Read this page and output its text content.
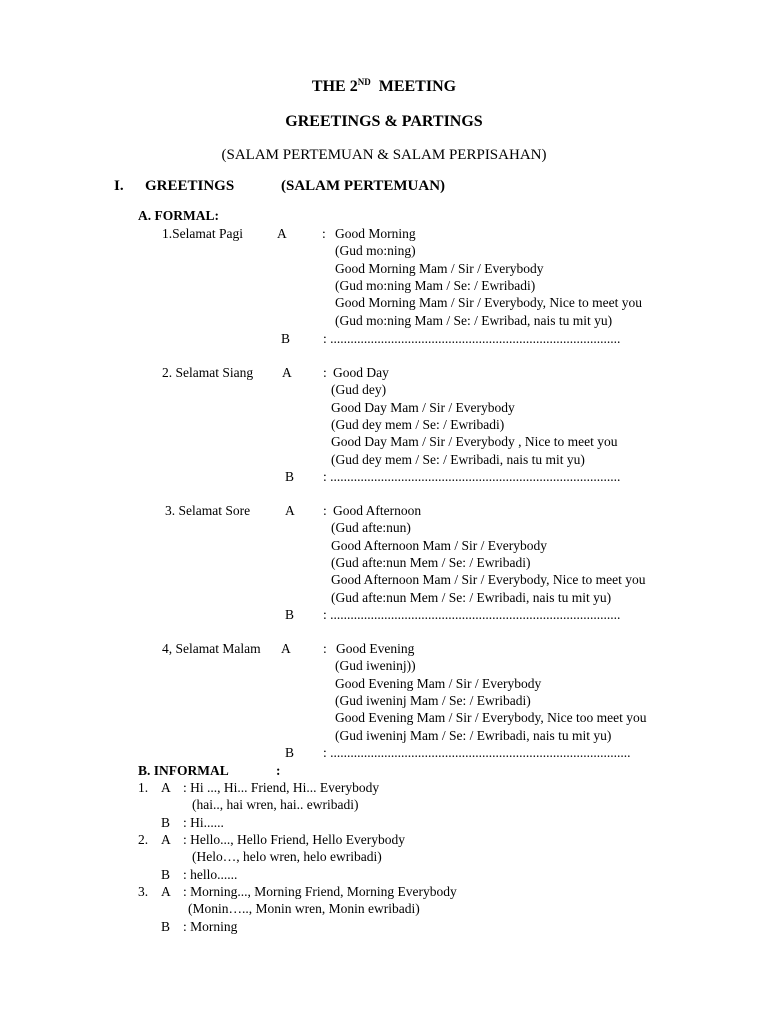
THE 2ND MEETING
GREETINGS & PARTINGS
(SALAM PERTEMUAN & SALAM PERPISAHAN)
I. GREETINGS	(SALAM PERTEMUAN)
A. FORMAL:
B. INFORMAL	:
1.Selamat Pagi	A	: Good Morning
(Gud mo:ning)
Good Morning Mam / Sir / Everybody
(Gud mo:ning Mam / Se: / Ewribadi)
Good Morning Mam / Sir / Everybody, Nice to meet you
(Gud mo:ning Mam / Se: / Ewribad, nais tu mit yu)
B : ......................................................................................
2. Selamat Siang A : Good Day
(Gud dey)
Good Day Mam / Sir / Everybody
(Gud dey mem / Se: / Ewribadi)
Good Day Mam / Sir / Everybody , Nice to meet you
(Gud dey mem / Se: / Ewribadi, nais tu mit yu)
B : ......................................................................................
3. Selamat Sore	A : Good Afternoon
(Gud afte:nun)
Good Afternoon Mam / Sir / Everybody
(Gud afte:nun Mem / Se: / Ewribadi)
Good Afternoon Mam / Sir / Everybody, Nice to meet you
(Gud afte:nun Mem / Se: / Ewribadi, nais tu mit yu)
B : ......................................................................................
4, Selamat Malam A : Good Evening
(Gud iweninj))
Good Evening Mam / Sir / Everybody
(Gud iweninj Mam / Se: / Ewribadi)
Good Evening Mam / Sir / Everybody, Nice too meet you
(Gud iweninj Mam / Se: / Ewribadi, nais tu mit yu)
B : .........................................................................................
1. A : Hi ..., Hi... Friend, Hi... Everybody
(hai.., hai wren, hai.. ewribadi)
B : Hi......
2. A : Hello..., Hello Friend, Hello Everybody
(Helo…, helo wren, helo ewribadi)
B : hello......
3. A : Morning..., Morning Friend, Morning Everybody
(Monin….., Monin wren, Monin ewribadi)
B : Morning
